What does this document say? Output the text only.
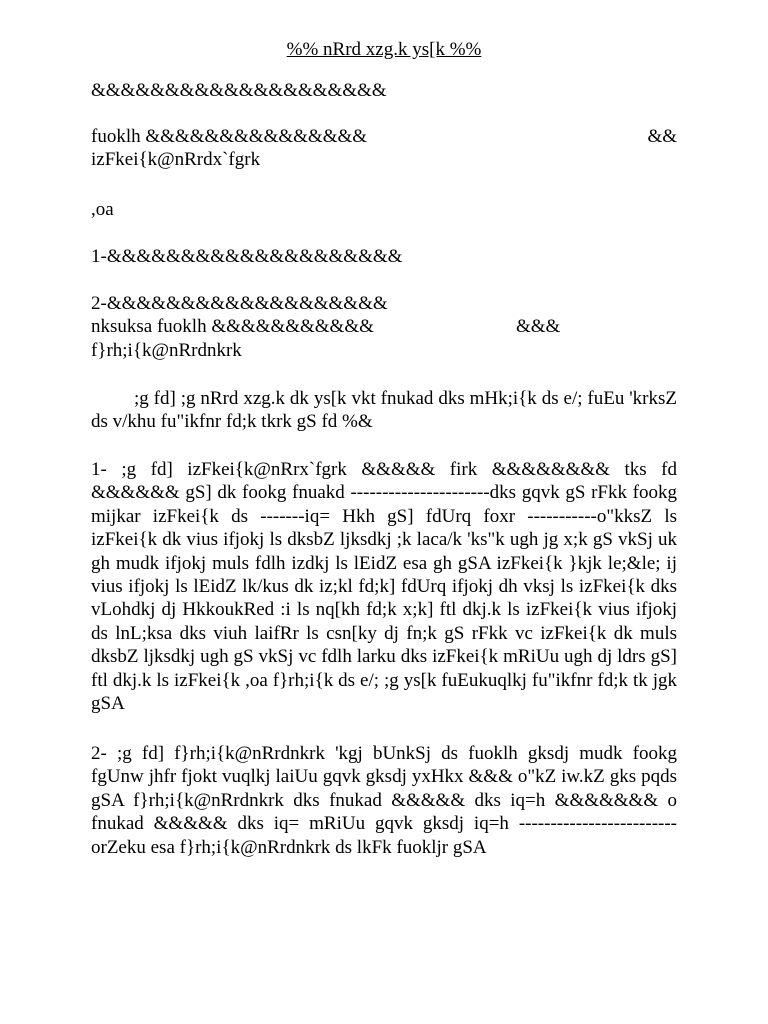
%% nRrd xzg.k ys[k %%
&&&&&&&&&&&&&&&&&&&&
fuoklh &&&&&&&&&&&&&&&	&&
izFkei{k@nRrdx`fgrk
,oa
1-&&&&&&&&&&&&&&&&&&&&
2-&&&&&&&&&&&&&&&&&&&
nksuksa fuoklh &&&&&&&&&&&	&&&
f}rh;i{k@nRrdnkrk
;g fd] ;g nRrd xzg.k dk ys[k vkt fnukad dks mHk;i{k ds e/; fuEu 'krksZ ds v/khu fu"ikfnr fd;k tkrk gS fd %&
1- ;g fd] izFkei{k@nRrx`fgrk &&&&& firk &&&&&&&& tks fd &&&&&& gS] dk fookg fnuakd ----------------------dks gqvk gS rFkk fookg mijkar izFkei{k ds -------iq= Hkh gS] fdUrq foxr -----------o"kksZ ls izFkei{k dk vius ifjokj ls dksbZ ljksdkj ;k laca/k 'ks"k ugh jg x;k gS vkSj uk gh mudk ifjokj muls fdlh izdkj ls lEidZ esa gh gSA izFkei{k }kjk le;&le; ij vius ifjokj ls lEidZ lk/kus dk iz;kl fd;k] fdUrq ifjokj dh vksj ls izFkei{k dks vLohdkj dj HkkoukRed :i ls nq[kh fd;k x;k] ftl dkj.k ls izFkei{k vius ifjokj ds lnL;ksa dks viuh laifRr ls csn[ky dj fn;k gS rFkk vc izFkei{k dk muls dksbZ ljksdkj ugh gS vkSj vc fdlh larku dks izFkei{k mRiUu ugh dj ldrs gS] ftl dkj.k ls izFkei{k ,oa f}rh;i{k ds e/; ;g ys[k fuEukuqlkj fu"ikfnr fd;k tk jgk gSA
2- ;g fd] f}rh;i{k@nRrdnkrk 'kgj bUnkSj ds fuoklh gksdj mudk fookg fgUnw jhfr fjokt vuqlkj laiUu gqvk gksdj yxHkx &&& o"kZ iw.kZ gks pqds gSA f}rh;i{k@nRrdnkrk dks fnukad &&&&& dks iq=h &&&&&&& o fnukad &&&&& dks iq= mRiUu gqvk gksdj iq=h ------------------------- orZeku esa f}rh;i{k@nRrdnkrk ds lkFk fuokljr gSA
